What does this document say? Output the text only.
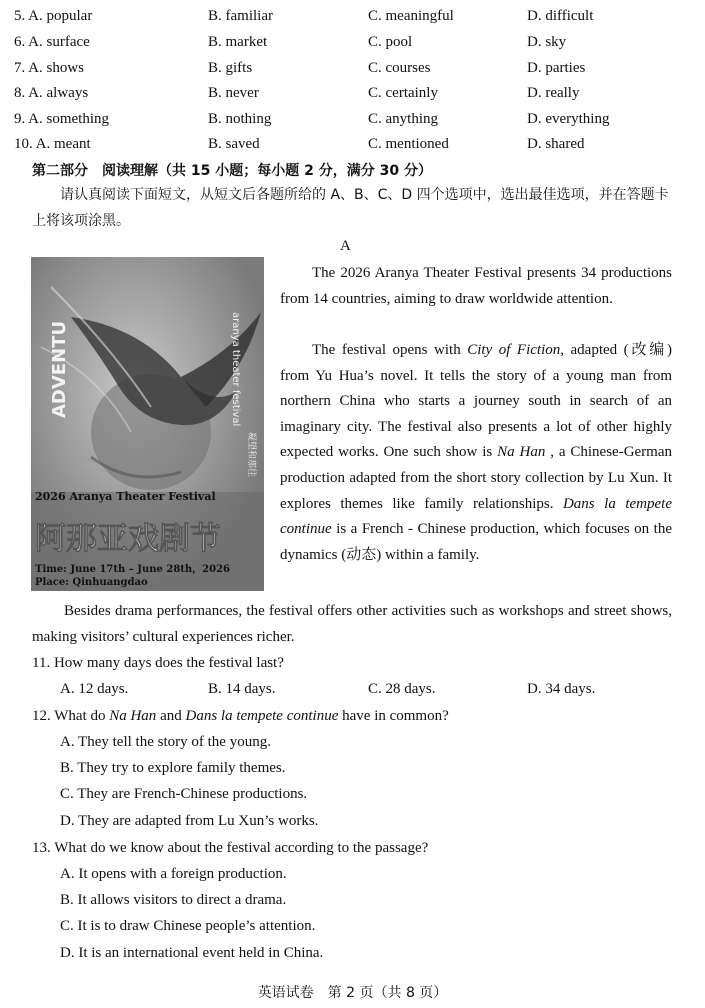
5. A. popular	B. familiar	C. meaningful	D. difficult
6. A. surface	B. market	C. pool	D. sky
7. A. shows	B. gifts	C. courses	D. parties
8. A. always	B. never	C. certainly	D. really
9. A. something	B. nothing	C. anything	D. everything
10. A. meant	B. saved	C. mentioned	D. shared
第二部分　阅读理解（共 15 小题；每小题 2 分，满分 30 分）
请认真阅读下面短文，从短文后各题所给的 A、B、C、D 四个选项中，选出最佳选项，并在答题卡上将该项涂黑。
A
ADVENTU	aranya theater festival
凝望和那往
2026 Aranya Theater Festival
阿那亚戏剧节
Time: June 17th – June 28th，2026
Place: Qinhuangdao
The 2026 Aranya Theater Festival presents 34 productions from 14 countries, aiming to draw worldwide attention.
The festival opens with City of Fiction, adapted (改编) from Yu Hua’s novel. It tells the story of a young man from northern China who starts a journey south in search of an imaginary city. The festival also presents a lot of other highly expected works. One such show is Na Han , a Chinese-German production adapted from the short story collection by Lu Xun. It explores themes like family relationships. Dans la tempete continue is a French - Chinese production, which focuses on the dynamics (动态) within a family.
Besides drama performances, the festival offers other activities such as workshops and street shows, making visitors’ cultural experiences richer.
11. How many days does the festival last?
A. 12 days.	B. 14 days.	C. 28 days.	D. 34 days.
12. What do Na Han and Dans la tempete continue have in common?
A. They tell the story of the young.
B. They try to explore family themes.
C. They are French-Chinese productions.
D. They are adapted from Lu Xun’s works.
13. What do we know about the festival according to the passage?
A. It opens with a foreign production.
B. It allows visitors to direct a drama.
C. It is to draw Chinese people’s attention.
D. It is an international event held in China.
英语试卷　第 2 页（共 8 页）
